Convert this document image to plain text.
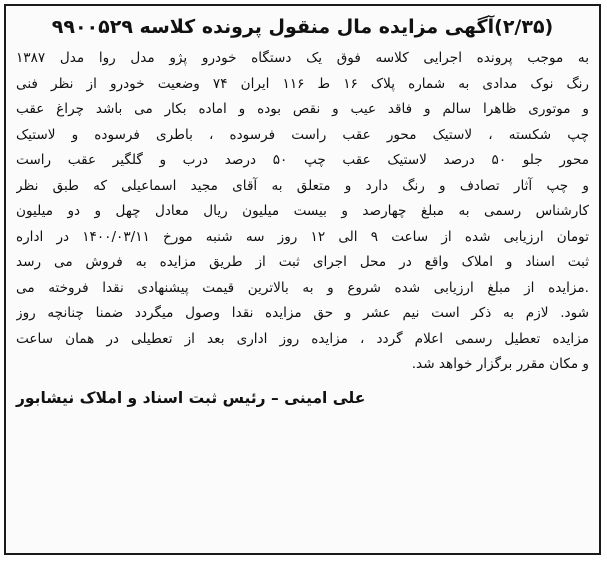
(۲/۳۵)آگهی مزایده مال منقول پرونده کلاسه ۹۹۰۰۵۲۹
به موجب پرونده اجرایی کلاسه فوق یک دستگاه خودرو پژو مدل روا مدل ۱۳۸۷
رنگ نوک مدادی به شماره پلاک ۱۶ ط ۱۱۶ ایران ۷۴ وضعیت خودرو از نظر فنی
و موتوری ظاهرا سالم و فاقد عیب و نقص بوده و اماده بکار می باشد چراغ عقب
چپ شکسته ، لاستیک محور عقب راست فرسوده ، باطری فرسوده و لاستیک
محور جلو ۵۰ درصد لاستیک عقب چپ ۵۰ درصد درب و گلگیر عقب راست
و چپ آثار تصادف و رنگ دارد و متعلق به آقای مجید اسماعیلی که طبق نظر
کارشناس رسمی به مبلغ چهارصد و بیست میلیون ریال معادل چهل و دو میلیون
تومان ارزیابی شده از ساعت ۹ الی ۱۲ روز سه شنبه مورخ ۱۴۰۰/۰۳/۱۱ در اداره
ثبت اسناد و املاک واقع در محل اجرای ثبت از طریق مزایده به فروش می رسد
.مزایده از مبلغ ارزیابی شده شروع و به بالاترین قیمت پیشنهادی نقدا فروخته می
شود. لازم به ذکر است نیم عشر و حق مزایده نقدا وصول میگردد ضمنا چنانچه روز
مزایده تعطیل رسمی اعلام گردد ، مزایده روز اداری بعد از تعطیلی در همان ساعت
و مکان مقرر برگزار خواهد شد.
علی امینی – رئیس ثبت اسناد و املاک نیشابور
